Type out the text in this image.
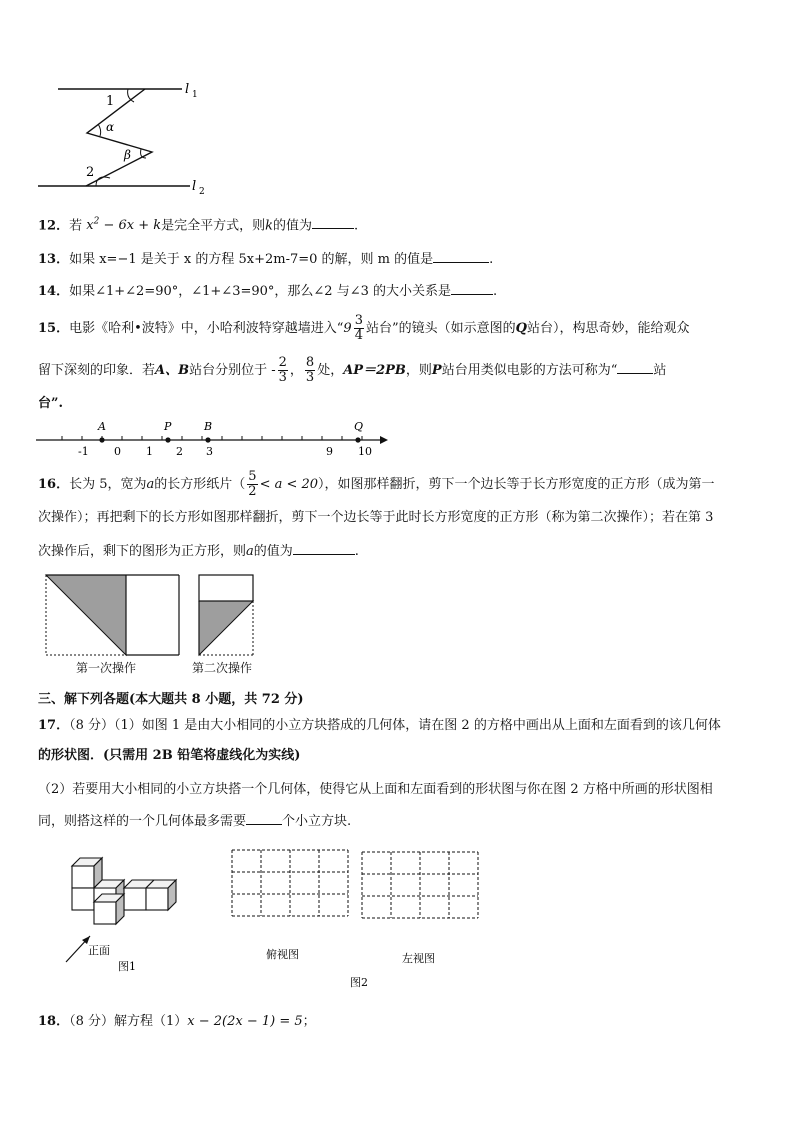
l 1
l 2
1
α
β
2
12．若 $x^2 - 6x + k$是完全平方式，则k的值为	.
13．如果 x=−1 是关于 x 的方程 5x+2m-7=0 的解，则 m 的值是	.
14．如果∠1+∠2=90°，∠1+∠3=90°，那么∠2 与∠3 的大小关系是	.
15．电影《哈利•波特》中，小哈利波特穿越墙进入“$9 \frac{3}{4}$ 站台”的镜头（如示意图的Q站台），构思奇妙，能给观众
留下深刻的印象．若A、B站台分别位于 - $\frac{2}{3}$ ， $\frac{8}{3}$ 处，AP＝2PB，则P站台用类似电影的方法可称为“	站
台”.
-1 0 1 2 3	9 10
A	P	B	Q
16．长为 5，宽为a的长方形纸片（ $\frac{5}{2} < a < 20$），如图那样翻折，剪下一个边长等于长方形宽度的正方形（成为第一
次操作）；再把剩下的长方形如图那样翻折，剪下一个边长等于此时长方形宽度的正方形（称为第二次操作）；若在第 3
次操作后，剩下的图形为正方形，则a的值为	.
第一次操作	第二次操作
三、解下列各题(本大题共 8 小题，共 72 分)
17．（8 分）（1）如图 1 是由大小相同的小立方块搭成的几何体，请在图 2 的方格中画出从上面和左面看到的该几何体
的形状图．(只需用 2B 铅笔将虚线化为实线)
（2）若要用大小相同的小立方块搭一个几何体，使得它从上面和左面看到的形状图与你在图 2 方格中所画的形状图相
同，则搭这样的一个几何体最多需要	个小立方块.
正面
图1
俯视图	左视图
图2
18．（8 分）解方程（1）x − 2(2x − 1) = 5；
